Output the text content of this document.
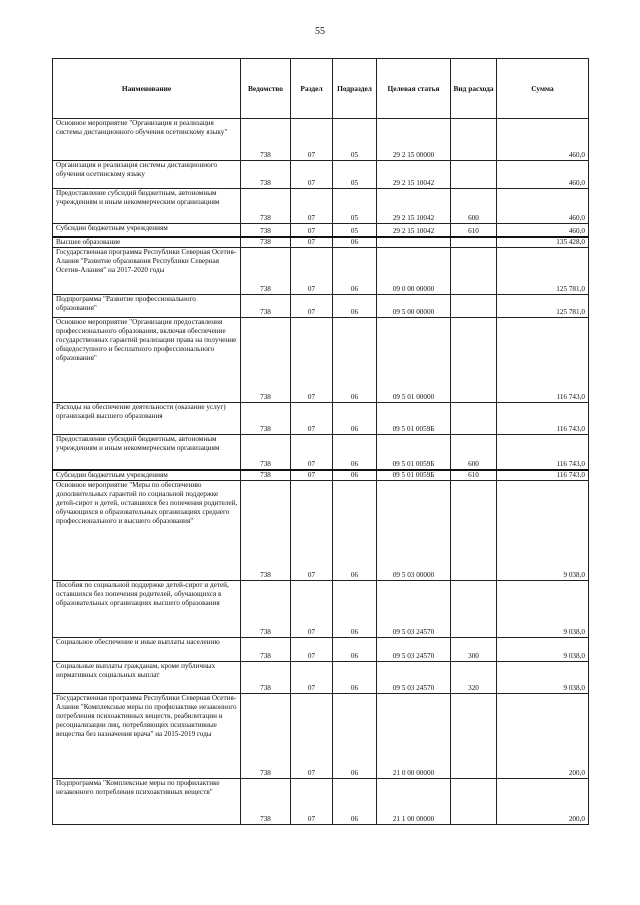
55
Наименование	Ведомство	Раздел	Подраздел	Целевая статья	Вид расхода	Сумма
Основное мероприятие "Организация и реализация системы дистанционного обучения осетинскому языку"	738	07	05	29 2 15 00000		460,0
Организация и реализация системы дистанционного обучения осетинскому языку	738	07	05	29 2 15 10042		460,0
Предоставление субсидий бюджетным, автономным учреждениям и иным некоммерческим организациям	738	07	05	29 2 15 10042	600	460,0
Субсидии бюджетным учреждениям	738	07	05	29 2 15 10042	610	460,0
Высшее образование	738	07	06			135 428,0
Государственная программа Республики Северная Осетия-Алания "Развитие образования Республики Северная Осетия-Алания" на 2017-2020 годы	738	07	06	09 0 00 00000		125 781,0
Подпрограмма "Развитие профессионального образования"	738	07	06	09 5 00 00000		125 781,0
Основное мероприятие "Организация предоставления профессионального образования, включая обеспечение государственных гарантий реализации права на получение общедоступного и бесплатного профессионального образования"	738	07	06	09 5 01 00000		116 743,0
Расходы на обеспечение деятельности (оказание услуг) организаций высшего образования	738	07	06	09 5 01 0059Б		116 743,0
Предоставление субсидий бюджетным, автономным учреждениям и иным некоммерческим организациям	738	07	06	09 5 01 0059Б	600	116 743,0
Субсидии бюджетным учреждениям	738	07	06	09 5 01 0059Б	610	116 743,0
Основное мероприятие "Меры по обеспечению дополнительных гарантий по социальной поддержке детей-сирот и детей, оставшихся без попечения родителей, обучающихся в образовательных организациях среднего профессионального и высшего образования"	738	07	06	09 5 03 00000		9 038,0
Пособия по социальной поддержке детей-сирот и детей, оставшихся без попечения родителей, обучающихся в образовательных организациях высшего образования	738	07	06	09 5 03 24570		9 038,0
Социальное обеспечение и иные выплаты населению	738	07	06	09 5 03 24570	300	9 038,0
Социальные выплаты гражданам, кроме публичных нормативных социальных выплат	738	07	06	09 5 03 24570	320	9 038,0
Государственная программа Республики Северная Осетия-Алания "Комплексные меры по профилактике незаконного потребления психоактивных веществ, реабилитации и ресоциализации лиц, потребляющих психоактивные вещества без назначения врача" на 2015-2019 годы	738	07	06	21 0 00 00000		200,0
Подпрограмма "Комплексные меры по профилактике незаконного потребления психоактивных веществ"	738	07	06	21 1 00 00000		200,0
